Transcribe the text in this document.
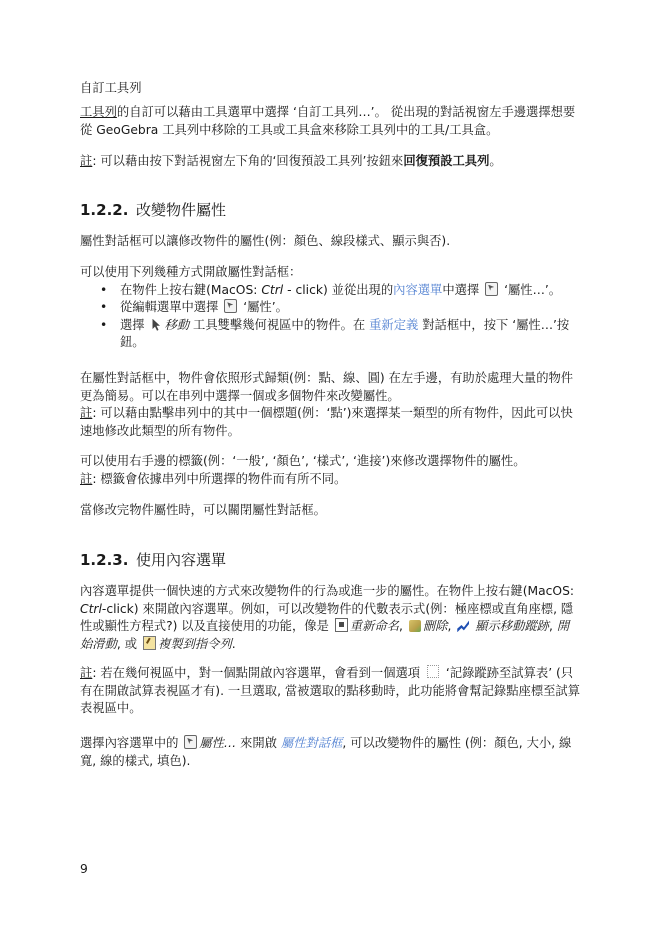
自訂工具列
工具列的自訂可以藉由工具選單中選擇 ‘自訂工具列…’。 從出現的對話視窗左手邊選擇想要從 GeoGebra 工具列中移除的工具或工具盒來移除工具列中的工具/工具盒。
註: 可以藉由按下對話視窗左下角的‘回復預設工具列’按鈕來回復預設工具列。
1.2.2. 改變物件屬性
屬性對話框可以讓修改物件的屬性(例：顏色、線段樣式、顯示與否).
可以使用下列幾種方式開啟屬性對話框：
• 在物件上按右鍵(MacOS: Ctrl - click) 並從出現的內容選單中選擇  ‘屬性…’。
• 從編輯選單中選擇  ‘屬性’。
• 選擇 移動 工具雙擊幾何視區中的物件。在 重新定義 對話框中，按下 ‘屬性…’按鈕。
在屬性對話框中，物件會依照形式歸類(例：點、線、圓) 在左手邊，有助於處理大量的物件更為簡易。可以在串列中選擇一個或多個物件來改變屬性。
註: 可以藉由點擊串列中的其中一個標題(例：‘點’)來選擇某一類型的所有物件，因此可以快速地修改此類型的所有物件。
可以使用右手邊的標籤(例：‘一般’, ‘顏色’, ‘樣式’, ‘進接’)來修改選擇物件的屬性。
註: 標籤會依據串列中所選擇的物件而有所不同。
當修改完物件屬性時，可以關閉屬性對話框。
1.2.3. 使用內容選單
內容選單提供一個快速的方式來改變物件的行為或進一步的屬性。在物件上按右鍵(MacOS: Ctrl-click) 來開啟內容選單。例如，可以改變物件的代數表示式(例：極座標或直角座標, 隱性或顯性方程式?) 以及直接使用的功能，像是 重新命名, 刪除,  顯示移動蹤跡, 開始滑動, 或 複製到指令列.
註: 若在幾何視區中，對一個點開啟內容選單，會看到一個選項  ‘記錄蹤跡至試算表’ (只有在開啟試算表視區才有). 一旦選取, 當被選取的點移動時，此功能將會幫記錄點座標至試算表視區中。
選擇內容選單中的 屬性… 來開啟 屬性對話框, 可以改變物件的屬性 (例：顏色, 大小, 線寬, 線的樣式, 填色).
9
